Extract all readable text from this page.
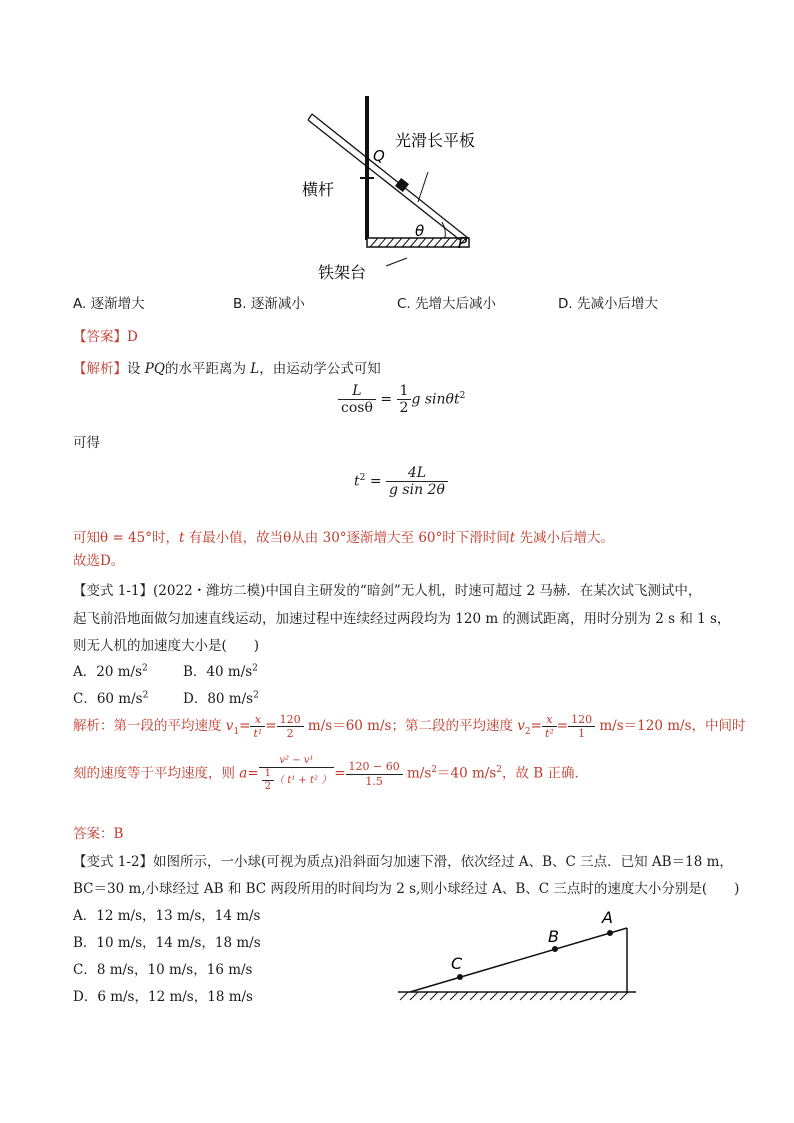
Q
光滑长平板
横杆
θ
P
铁架台
A. 逐渐增大	B. 逐渐减小	C. 先增大后减小	D. 先减小后增大
【答案】D
【解析】设 PQ的水平距离为 L，由运动学公式可知
$\frac{L}{\cos\theta} = \frac{1}{2}$ g sinθt$^2$
可得
$t^2 = \frac{4L}{\text{g sin 2θ}}$
可知θ = 45°时，t 有最小值，故当θ从由 30°逐渐增大至 60°时下滑时间t 先减小后增大。
故选D。
【变式 1-1】(2022・潍坊二模)中国自主研发的“暗剑”无人机，时速可超过 2 马赫．在某次试飞测试中，
起飞前沿地面做匀加速直线运动，加速过程中连续经过两段均为 120 m 的测试距离，用时分别为 2 s 和 1 s，
则无人机的加速度大小是(　　)
A．20 $m/s^2$	B．40 $m/s^2$
C．60 $m/s^2$	D．80 $m/s^2$
解析：第一段的平均速度 $v_1= \frac{x}{\text{t¹}} = \frac{120}{2} m/s=60$ m/s；第二段的平均速度 $v_2= \frac{x}{\text{t²}} = \frac{120}{1} m/s=120$ m/s，中间时
刻的速度等于平均速度，则 $a= \frac{\text{v² − v¹}}{\frac{1}{2} ( t^1 + t^2 )} = \frac{120 - 60}{1.5} m/s^2=40$ $m/s^2$，故 B 正确．
答案：B
【变式 1-2】如图所示，一小球(可视为质点)沿斜面匀加速下滑，依次经过 A、B、C 三点．已知 AB＝18 m，
BC＝30 m,小球经过 AB 和 BC 两段所用的时间均为 2 s,则小球经过 A、B、C 三点时的速度大小分别是(　　)
A．12 m/s，13 m/s，14 m/s
B．10 m/s，14 m/s，18 m/s
C．8 m/s，10 m/s，16 m/s
D．6 m/s，12 m/s，18 m/s
A
B
C
